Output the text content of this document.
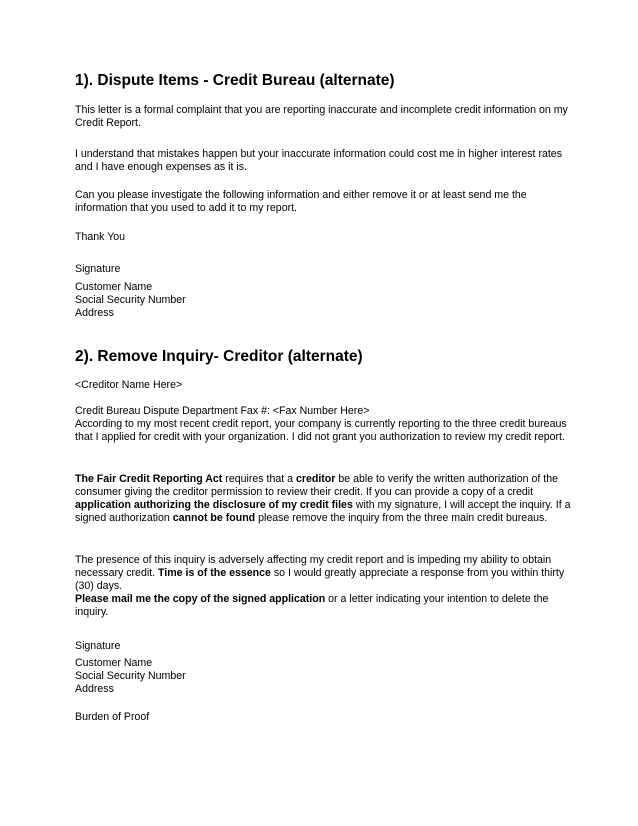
1). Dispute Items - Credit Bureau (alternate)

This letter is a formal complaint that you are reporting inaccurate and incomplete credit information on my Credit Report.

I understand that mistakes happen but your inaccurate information could cost me in higher interest rates and I have enough expenses as it is.

Can you please investigate the following information and either remove it or at least send me the information that you used to add it to my report.

Thank You

Signature

Customer Name

Social Security Number

Address

2). Remove Inquiry- Creditor (alternate)

<Creditor Name Here>

Credit Bureau Dispute Department Fax #: <Fax Number Here>

According to my most recent credit report, your company is currently reporting to the three credit bureaus that I applied for credit with your organization. I did not grant you authorization to review my credit report.

The Fair Credit Reporting Act requires that a creditor be able to verify the written authorization of the consumer giving the creditor permission to review their credit. If you can provide a copy of a credit application authorizing the disclosure of my credit files with my signature, I will accept the inquiry. If a signed authorization cannot be found please remove the inquiry from the three main credit bureaus.

The presence of this inquiry is adversely affecting my credit report and is impeding my ability to obtain necessary credit. Time is of the essence so I would greatly appreciate a response from you within thirty (30) days.

Please mail me the copy of the signed application or a letter indicating your intention to delete the inquiry.

Signature

Customer Name

Social Security Number

Address

Burden of Proof
